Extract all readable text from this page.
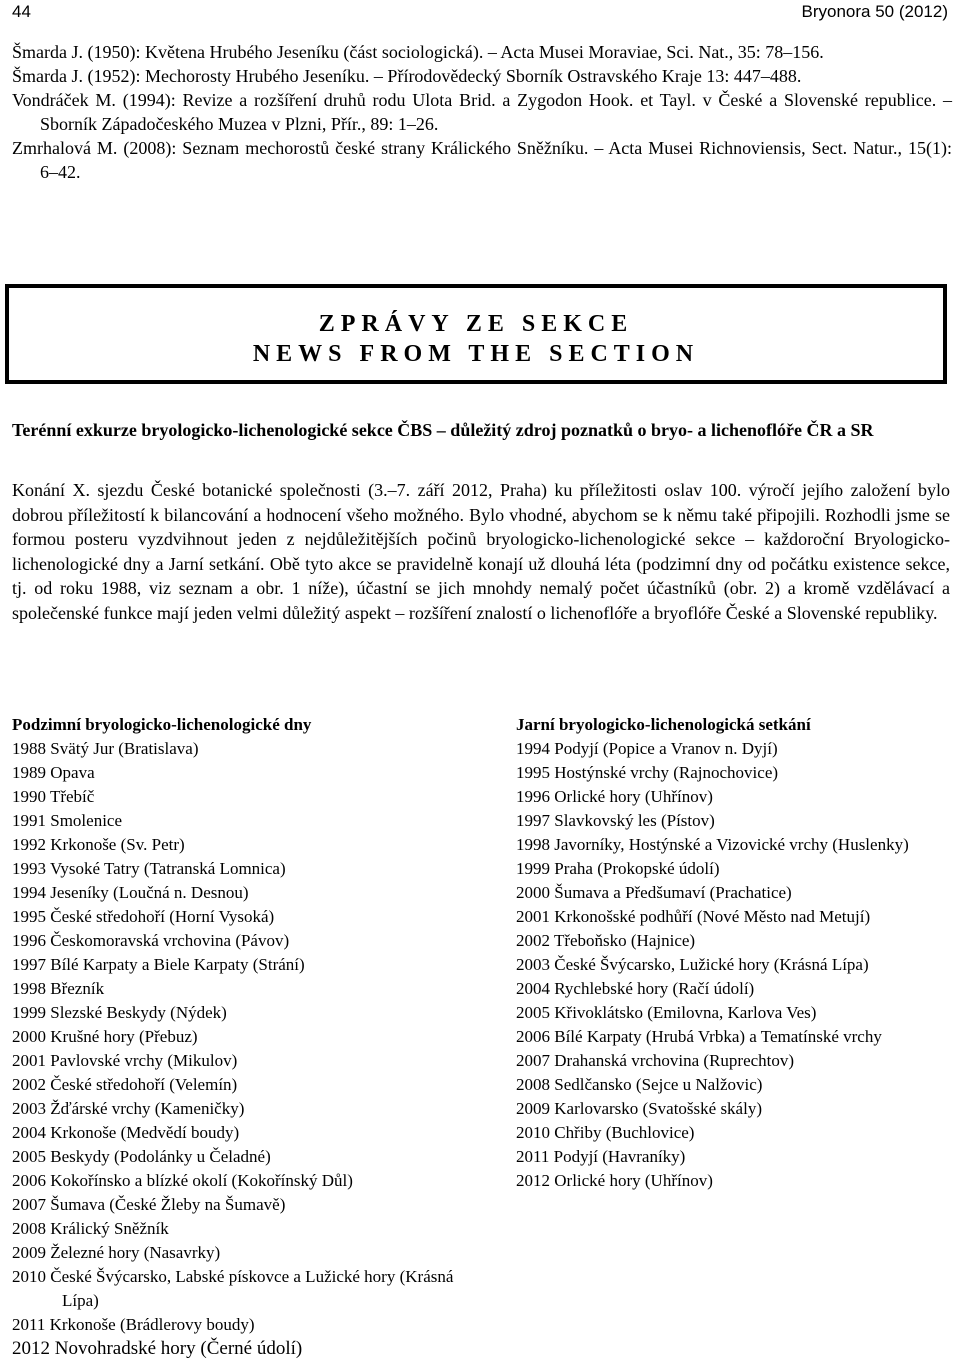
44	Bryonora 50 (2012)
Šmarda J. (1950): Květena Hrubého Jeseníku (část sociologická). – Acta Musei Moraviae, Sci. Nat., 35: 78–156.
Šmarda J. (1952): Mechorosty Hrubého Jeseníku. – Přírodovědecký Sborník Ostravského Kraje 13: 447–488.
Vondráček M. (1994): Revize a rozšíření druhů rodu Ulota Brid. a Zygodon Hook. et Tayl. v České a Slovenské republice. – Sborník Západočeského Muzea v Plzni, Přír., 89: 1–26.
Zmrhalová M. (2008): Seznam mechorostů české strany Králického Sněžníku. – Acta Musei Richnoviensis, Sect. Natur., 15(1): 6–42.
ZPRÁVY ZE SEKCE
NEWS FROM THE SECTION
Terénní exkurze bryologicko-lichenologické sekce ČBS – důležitý zdroj poznatků o bryo- a lichenoflóře ČR a SR
Konání X. sjezdu České botanické společnosti (3.–7. září 2012, Praha) ku příležitosti oslav 100. výročí jejího založení bylo dobrou příležitostí k bilancování a hodnocení všeho možného. Bylo vhodné, abychom se k němu také připojili. Rozhodli jsme se formou posteru vyzdvihnout jeden z nejdůležitějších počinů bryologicko-lichenologické sekce – každoroční Bryologicko-lichenologické dny a Jarní setkání. Obě tyto akce se pravidelně konají už dlouhá léta (podzimní dny od počátku existence sekce, tj. od roku 1988, viz seznam a obr. 1 níže), účastní se jich mnohdy nemalý počet účastníků (obr. 2) a kromě vzdělávací a společenské funkce mají jeden velmi důležitý aspekt – rozšíření znalostí o lichenoflóře a bryoflóře České a Slovenské republiky.
Podzimní bryologicko-lichenologické dny
1988 Svätý Jur (Bratislava)
1989 Opava
1990 Třebíč
1991 Smolenice
1992 Krkonoše (Sv. Petr)
1993 Vysoké Tatry (Tatranská Lomnica)
1994 Jeseníky (Loučná n. Desnou)
1995 České středohoří (Horní Vysoká)
1996 Českomoravská vrchovina (Pávov)
1997 Bílé Karpaty a Biele Karpaty (Strání)
1998 Březník
1999 Slezské Beskydy (Nýdek)
2000 Krušné hory (Přebuz)
2001 Pavlovské vrchy (Mikulov)
2002 České středohoří (Velemín)
2003 Žďárské vrchy (Kameničky)
2004 Krkonoše (Medvědí boudy)
2005 Beskydy (Podolánky u Čeladné)
2006 Kokořínsko a blízké okolí (Kokořínský Důl)
2007 Šumava (České Žleby na Šumavě)
2008 Králický Sněžník
2009 Železné hory (Nasavrky)
2010 České Švýcarsko, Labské pískovce a Lužické hory (Krásná Lípa)
2011 Krkonoše (Brádlerovy boudy)
2012 Novohradské hory (Černé údolí)
Jarní bryologicko-lichenologická setkání
1994 Podyjí (Popice a Vranov n. Dyjí)
1995 Hostýnské vrchy (Rajnochovice)
1996 Orlické hory (Uhřínov)
1997 Slavkovský les (Pístov)
1998 Javorníky, Hostýnské a Vizovické vrchy (Huslenky)
1999 Praha (Prokopské údolí)
2000 Šumava a Předšumaví (Prachatice)
2001 Krkonošské podhůří (Nové Město nad Metují)
2002 Třeboňsko (Hajnice)
2003 České Švýcarsko, Lužické hory (Krásná Lípa)
2004 Rychlebské hory (Račí údolí)
2005 Křivoklátsko (Emilovna, Karlova Ves)
2006 Bílé Karpaty (Hrubá Vrbka) a Tematínské vrchy
2007 Drahanská vrchovina (Ruprechtov)
2008 Sedlčansko (Sejce u Nalžovic)
2009 Karlovarsko (Svatošské skály)
2010 Chřiby (Buchlovice)
2011 Podyjí (Havraníky)
2012 Orlické hory (Uhřínov)
